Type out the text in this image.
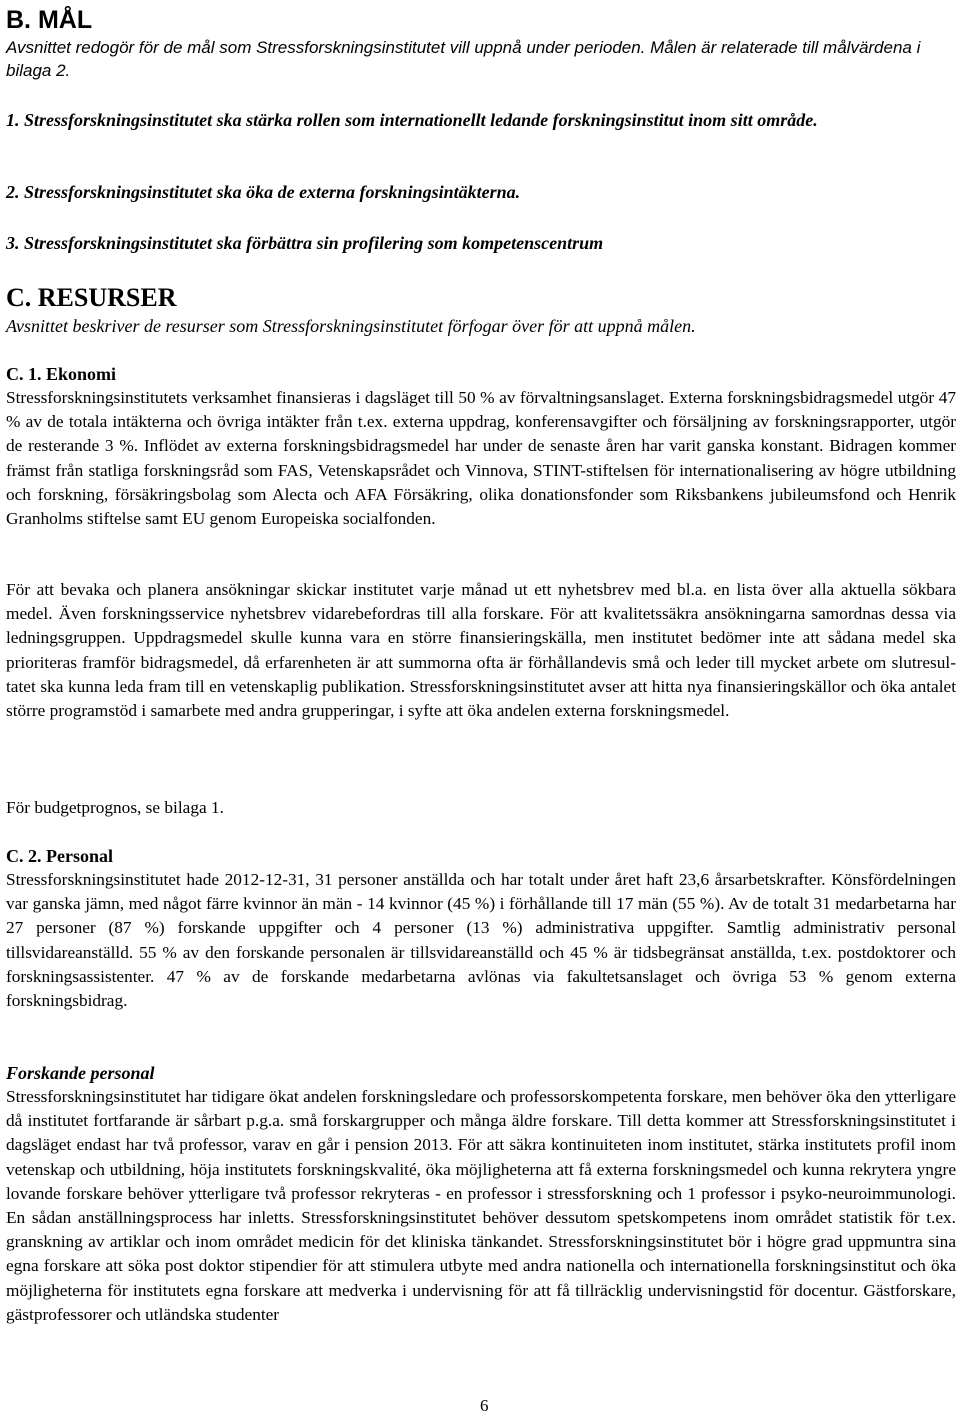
B. MÅL

Avsnittet redogör för de mål som Stressforskningsinstitutet vill uppnå under perioden. Målen är relaterade till målvärdena i bilaga 2.

1. Stressforskningsinstitutet ska stärka rollen som internationellt ledande forskningsinstitut inom sitt område.

2. Stressforskningsinstitutet ska öka de externa forskningsintäkterna.

3. Stressforskningsinstitutet ska förbättra sin profilering som kompetenscentrum

C. RESURSER

Avsnittet beskriver de resurser som Stressforskningsinstitutet förfogar över för att uppnå målen.

C. 1. Ekonomi

Stressforskningsinstitutets verksamhet finansieras i dagsläget till 50 % av förvaltningsanslaget. Externa forskningsbidragsmedel utgör 47 % av de totala intäkterna och övriga intäkter från t.ex. externa uppdrag, konferensavgifter och försäljning av forskningsrapporter, utgör de resterande 3 %. Inflödet av externa forskningsbidragsmedel har under de senaste åren har varit ganska konstant. Bidragen kommer främst från statliga forskningsråd som FAS, Vetenskapsrådet och Vinnova, STINT-stiftelsen för internationalisering av högre utbildning och forskning, försäkringsbolag som Alecta och AFA Försäkring, olika donationsfonder som Riksbankens jubileumsfond och Henrik Granholms stiftelse samt EU genom Europeiska socialfonden.

För att bevaka och planera ansökningar skickar institutet varje månad ut ett nyhetsbrev med bl.a. en lista över alla aktuella sökbara medel. Även forskningsservice nyhetsbrev vidarebefordras till alla forskare. För att kvalitetssäkra ansökningarna samordnas dessa via ledningsgruppen. Uppdragsmedel skulle kunna vara en större finansieringskälla, men institutet bedömer inte att sådana medel ska prioriteras framför bidragsmedel, då erfarenheten är att summorna ofta är förhållandevis små och leder till mycket arbete om slutresultatet ska kunna leda fram till en vetenskaplig publikation. Stressforskningsinstitutet avser att hitta nya finansieringskällor och öka antalet större programstöd i samarbete med andra grupperingar, i syfte att öka andelen externa forskningsmedel.

För budgetprognos, se bilaga 1.

C. 2. Personal

Stressforskningsinstitutet hade 2012-12-31, 31 personer anställda och har totalt under året haft 23,6 årsarbetskrafter. Könsfördelningen var ganska jämn, med något färre kvinnor än män - 14 kvinnor (45 %) i förhållande till 17 män (55 %). Av de totalt 31 medarbetarna har 27 personer (87 %) forskande uppgifter och 4 personer (13 %) administrativa uppgifter. Samtlig administrativ personal tillsvidareanställd. 55 % av den forskande personalen är tillsvidareanställd och 45 % är tidsbegränsat anställda, t.ex. postdoktorer och forskningsassistenter. 47 % av de forskande medarbetarna avlönas via fakultetsanslaget och övriga 53 % genom externa forskningsbidrag.

Forskande personal

Stressforskningsinstitutet har tidigare ökat andelen forskningsledare och professorskompetenta forskare, men behöver öka den ytterligare då institutet fortfarande är sårbart p.g.a. små forskargrupper och många äldre forskare. Till detta kommer att Stressforskningsinstitutet i dagsläget endast har två professor, varav en går i pension 2013. För att säkra kontinuiteten inom institutet, stärka institutets profil inom vetenskap och utbildning, höja institutets forskningskvalité, öka möjligheterna att få externa forskningsmedel och kunna rekrytera yngre lovande forskare behöver ytterligare två professor rekryteras - en professor i stressforskning och 1 professor i psyko-neuroimmunologi. En sådan anställningsprocess har inletts. Stressforskningsinstitutet behöver dessutom spetskompetens inom området statistik för t.ex. granskning av artiklar och inom området medicin för det kliniska tänkandet. Stressforskningsinstitutet bör i högre grad uppmuntra sina egna forskare att söka post doktor stipendier för att stimulera utbyte med andra nationella och internationella forskningsinstitut och öka möjligheterna för institutets egna forskare att medverka i undervisning för att få tillräcklig undervisningstid för docentur. Gästforskare, gästprofessorer och utländska studenter

6
